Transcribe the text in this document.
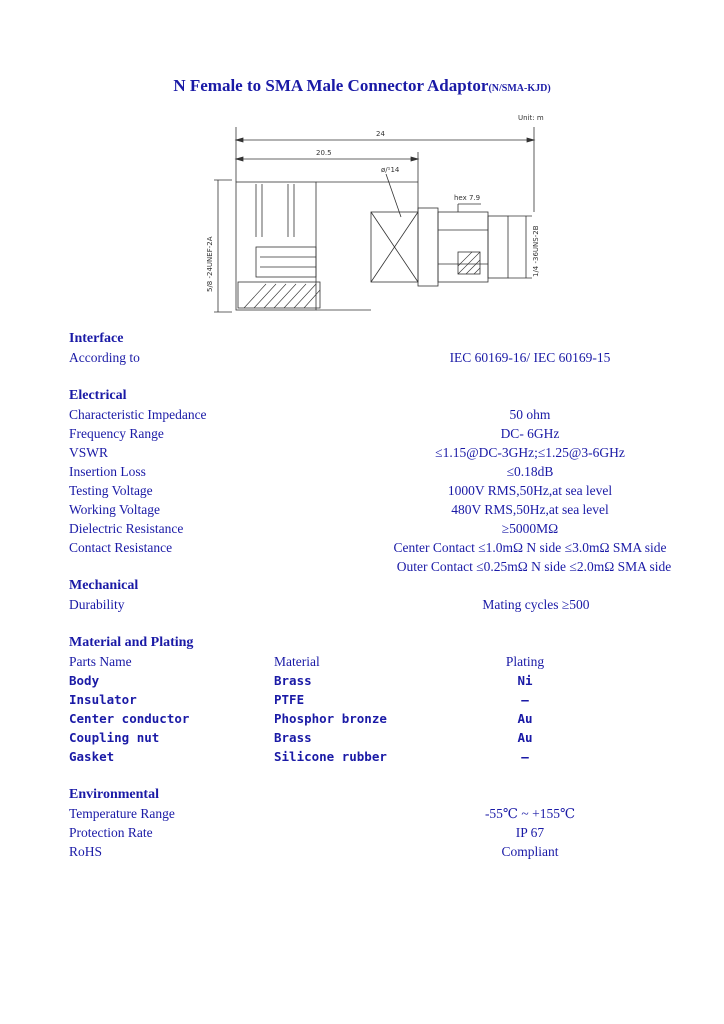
N Female to SMA Male Connector Adaptor(N/SMA-KJD)
Unit: m
24
20.5
ø/¹14
hex 7.9
5/8 -24UNEF-2A	1/4 -36UNS-2B
Interface
According to	IEC 60169-16/ IEC 60169-15
Electrical
Characteristic Impedance	50 ohm
Frequency Range	DC- 6GHz
VSWR	≤1.15@DC-3GHz;≤1.25@3-6GHz
Insertion Loss	≤0.18dB
Testing Voltage	1000V RMS,50Hz,at sea level
Working Voltage	480V RMS,50Hz,at sea level
Dielectric Resistance	≥5000MΩ
Contact Resistance	Center Contact ≤1.0mΩ N side ≤3.0mΩ SMA side
Outer Contact ≤0.25mΩ N side ≤2.0mΩ SMA side
Mechanical
Durability	Mating cycles ≥500
Material and Plating
Parts Name	Material	Plating
Body	Brass	Ni
Insulator	PTFE	—
Center conductor	Phosphor bronze	Au
Coupling nut	Brass	Au
Gasket	Silicone rubber	—
Environmental
Temperature Range	-55℃ ~ +155℃
Protection Rate	IP 67
RoHS	Compliant
